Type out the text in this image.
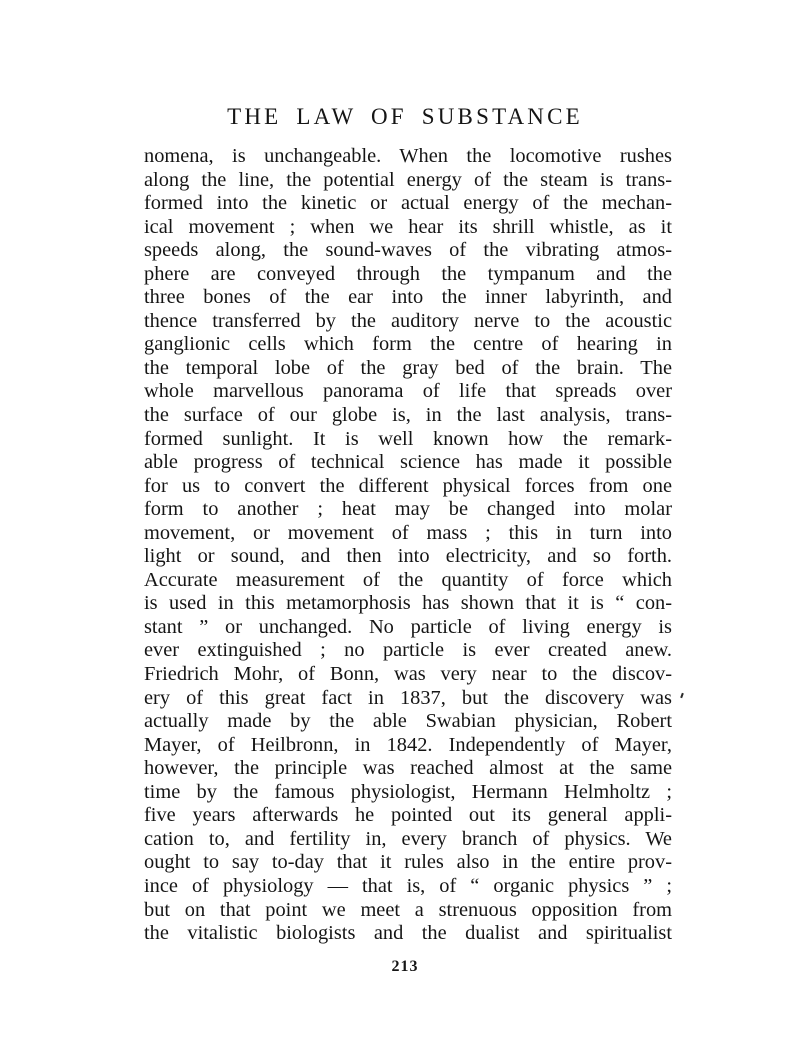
THE LAW OF SUBSTANCE
nomena, is unchangeable. When the locomotive rushes
along the line, the potential energy of the steam is trans-
formed into the kinetic or actual energy of the mechan-
ical movement ; when we hear its shrill whistle, as it
speeds along, the sound-waves of the vibrating atmos-
phere are conveyed through the tympanum and the
three bones of the ear into the inner labyrinth, and
thence transferred by the auditory nerve to the acoustic
ganglionic cells which form the centre of hearing in
the temporal lobe of the gray bed of the brain. The
whole marvellous panorama of life that spreads over
the surface of our globe is, in the last analysis, trans-
formed sunlight. It is well known how the remark-
able progress of technical science has made it possible
for us to convert the different physical forces from one
form to another ; heat may be changed into molar
movement, or movement of mass ; this in turn into
light or sound, and then into electricity, and so forth.
Accurate measurement of the quantity of force which
is used in this metamorphosis has shown that it is “ con-
stant ” or unchanged. No particle of living energy is
ever extinguished ; no particle is ever created anew.
Friedrich Mohr, of Bonn, was very near to the discov-
ery of this great fact in 1837, but the discovery was
actually made by the able Swabian physician, Robert
Mayer, of Heilbronn, in 1842. Independently of Mayer,
however, the principle was reached almost at the same
time by the famous physiologist, Hermann Helmholtz ;
five years afterwards he pointed out its general appli-
cation to, and fertility in, every branch of physics. We
ought to say to-day that it rules also in the entire prov-
ince of physiology — that is, of “ organic physics ” ;
but on that point we meet a strenuous opposition from
the vitalistic biologists and the dualist and spiritualist
213
